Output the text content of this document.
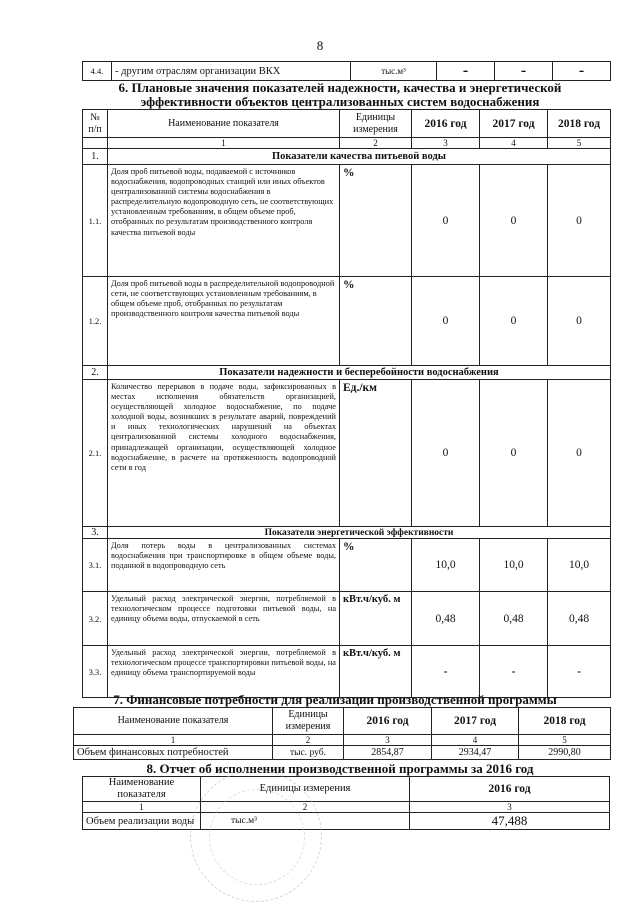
8
4.4.	- другим отраслям организации ВКХ	тыс.м³	-	-	-
6. Плановые значения показателей надежности, качества и энергетической
эффективности объектов централизованных систем водоснабжения
№
п/п	Наименование показателя	Единицы измерения	2016 год	2017 год	2018 год
	1	2	3	4	5
1.	Показатели качества питьевой воды				
1.1.	Доля проб питьевой воды, подаваемой с источников водоснабжения, водопроводных станций или иных объектов централизованной системы водоснабжения в распределительную водопроводную сеть, не соответствующих установленным требованиям, в общем объеме проб, отобранных по результатам производственного контроля качества питьевой воды	%	0	0	0
1.2.	Доля проб питьевой воды в распределительной водопроводной сети, не соответствующих установленным требованиям, в общем объеме проб, отобранных по результатам производственного контроля качества питьевой воды	%	0	0	0
2.	Показатели надежности и бесперебойности водоснабжения				
2.1.	Количество перерывов в подаче воды, зафиксированных в местах исполнения обязательств организацией, осуществляющей холодное водоснабжение, по подаче холодной воды, возникших в результате аварий, повреждений и иных технологических нарушений на объектах централизованной системы холодного водоснабжения, принадлежащей организации, осуществляющей холодное водоснабжение, в расчете на протяженность водопроводной сети в год	Ед./км	0	0	0
3.	Показатели энергетической эффективности				
3.1.	Доля потерь воды в централизованных системах водоснабжения при транспортировке в общем объеме воды, поданной в водопроводную сеть	%	10,0	10,0	10,0
3.2.	Удельный расход электрической энергии, потребляемой в технологическом процессе подготовки питьевой воды, на единицу объема воды, отпускаемой в сеть	кВт.ч/куб. м	0,48	0,48	0,48
3.3.	Удельный расход электрической энергии, потребляемой в технологическом процессе транспортировки питьевой воды, на единицу объема транспортируемой воды	кВт.ч/куб. м	-	-	-
7. Финансовые потребности для реализации производственной программы
Наименование показателя	Единицы измерения	2016 год	2017 год	2018 год
1	2	3	4	5
Объем финансовых потребностей	тыс. руб.	2854,87	2934,47	2990,80
8. Отчет об исполнении производственной программы за 2016 год
Наименование показателя	Единицы измерения	2016 год
1	2	3
Объем реализации воды	тыс.м³	47,488
